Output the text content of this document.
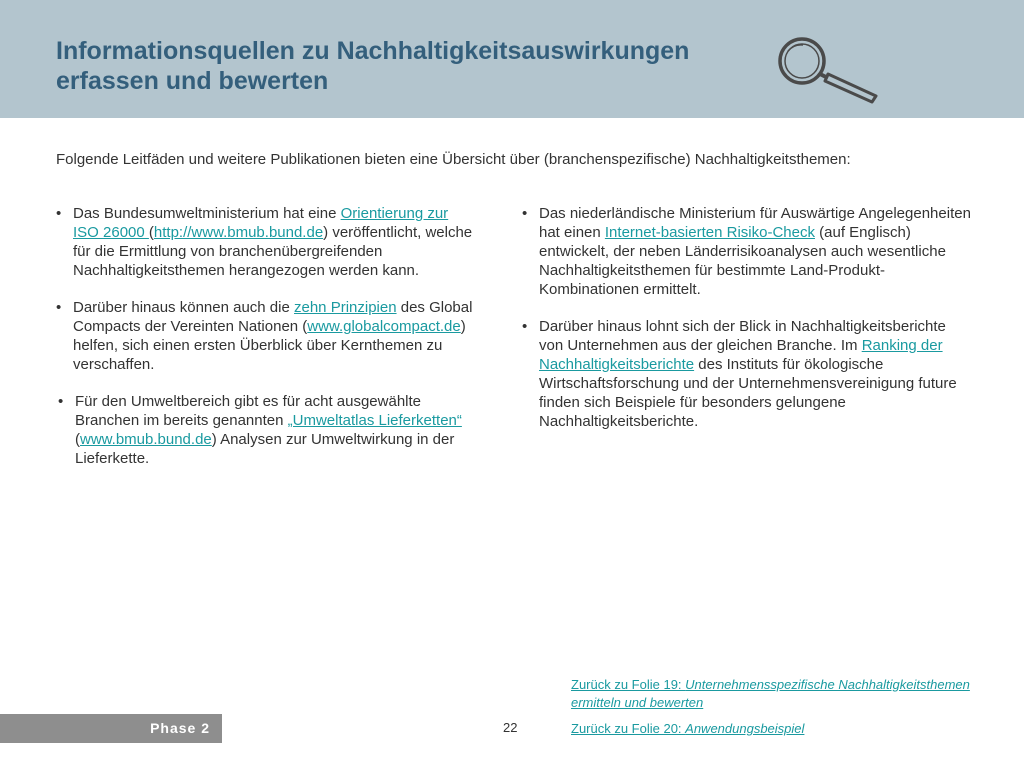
Informationsquellen zu Nachhaltigkeitsauswirkungen
erfassen und bewerten
Folgende Leitfäden und weitere Publikationen bieten eine Übersicht über (branchenspezifische) Nachhaltigkeitsthemen:

• Das Bundesumweltministerium hat eine Orientierung zur ISO 26000 (http://www.bmub.bund.de) veröffentlicht, welche für die Ermittlung von branchenübergreifenden Nachhaltigkeitsthemen herangezogen werden kann.

• Darüber hinaus können auch die zehn Prinzipien des Global Compacts der Vereinten Nationen (www.globalcompact.de) helfen, sich einen ersten Überblick über Kernthemen zu verschaffen.

• Für den Umweltbereich gibt es für acht ausgewählte Branchen im bereits genannten „Umweltatlas Lieferketten“ (www.bmub.bund.de) Analysen zur Umweltwirkung in der Lieferkette.

• Das niederländische Ministerium für Auswärtige Angelegenheiten hat einen Internet-basierten Risiko-Check (auf Englisch) entwickelt, der neben Länderrisikoanalysen auch wesentliche Nachhaltigkeitsthemen für bestimmte Land-Produkt-Kombinationen ermittelt.

• Darüber hinaus lohnt sich der Blick in Nachhaltigkeitsberichte von Unternehmen aus der gleichen Branche. Im Ranking der Nachhaltigkeitsberichte des Instituts für ökologische Wirtschaftsforschung und der Unternehmensvereinigung future finden sich Beispiele für besonders gelungene Nachhaltigkeitsberichte.

Phase 2	22
Zurück zu Folie 19: Unternehmensspezifische Nachhaltigkeitsthemen ermitteln und bewerten
Zurück zu Folie 20: Anwendungsbeispiel
